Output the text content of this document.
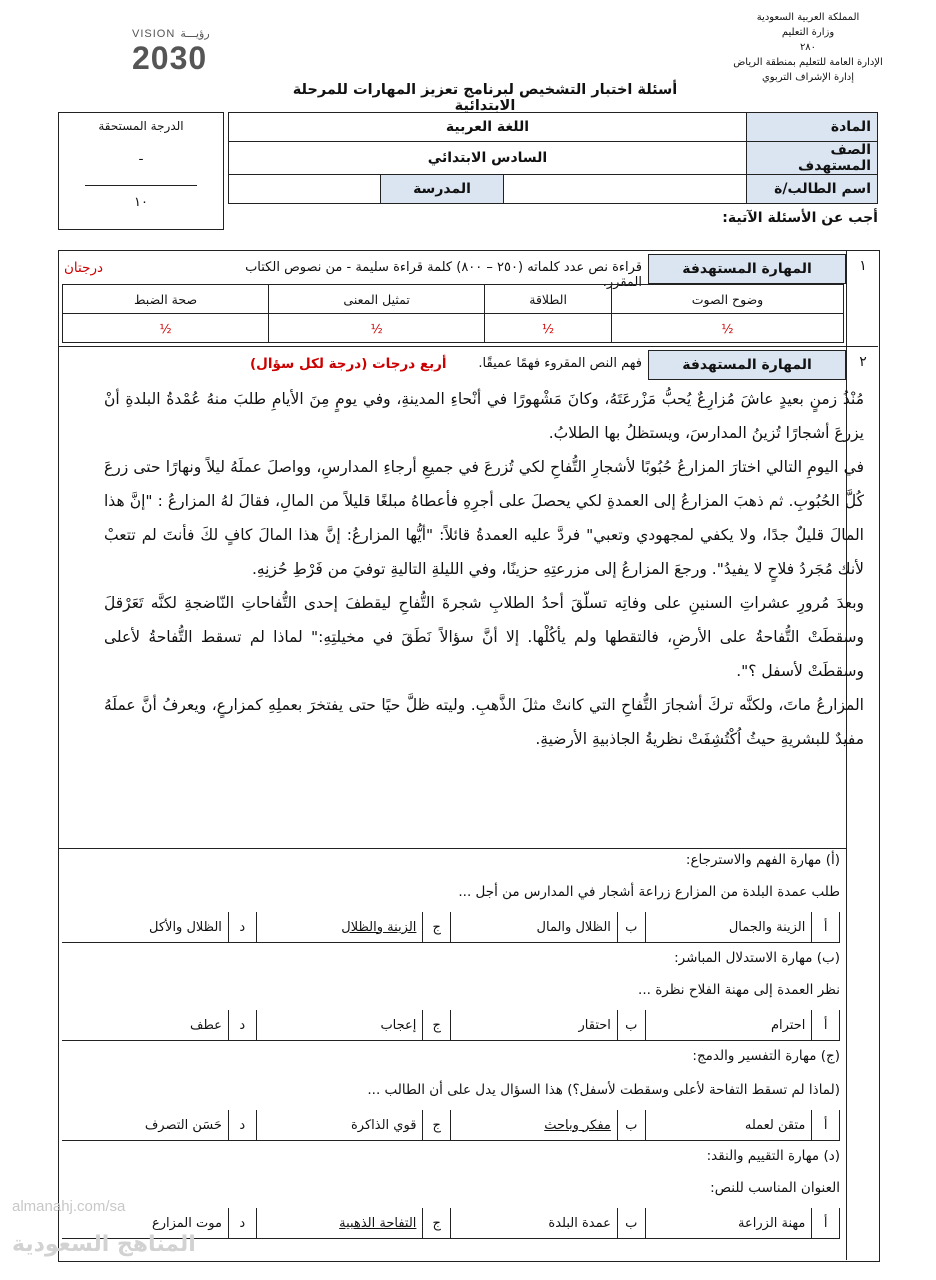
المملكة العربية السعودية
وزارة التعليم
٢٨٠
الإدارة العامة للتعليم بمنطقة الرياض
إدارة الإشراف التربوي
VISION رؤيـــة
2030
أسئلة اختبار التشخيص لبرنامج تعزيز المهارات للمرحلة الابتدائية
الدرجة المستحقة
ـ
١٠
المادة	اللغة العربية		
الصف المستهدف	السادس الابتدائي		
اسم الطالب/ة		المدرسة	
أجب عن الأسئلة الآتية:
١
المهارة المستهدفة
قراءة نص عدد كلماته (٢٥٠ – ٨٠٠) كلمة قراءة سليمة - من نصوص الكتاب المقرر.
درجتان
وضوح الصوت	الطلاقة	تمثيل المعنى	صحة الضبط
½	½	½	½
٢
المهارة المستهدفة
فهم النص المقروء فهمًا عميقًا.
أربع درجات (درجة لكل سؤال)

مُنْذُ زمنٍ بعيدٍ عاشَ مُزارِعٌ يُحبُّ مَزْرعَتَهُ، وكانَ مَشْهورًا في أنْحاءِ المدينةِ، وفي يومٍ مِنَ الأيامِ طلبَ منهُ عُمْدةُ البلدةِ أنْ يزرعَ أشجارًا تُزينُ المدارسَ، ويستظلُ بها الطلابُ.

في اليومِ التالي اختارَ المزارعُ حُبُوبًا لأشجارِ التُّفاحِ لكي تُزرعَ في جميعِ أرجاءِ المدارسِ، وواصلَ عملَهُ ليلاً ونهارًا حتى زرعَ كُلَّ الحُبُوبِ. ثم ذهبَ المزارعُ إلى العمدةِ لكي يحصلَ على أجرِهِ فأعطاهُ مبلغًا قليلاً من المالِ، فقالَ لهُ المزارعُ : "إنَّ هذا المالَ قليلٌ جدًا، ولا يكفي لمجهودي وتعبي" فردَّ عليه العمدةُ قائلاً: "أيُّها المزارعُ: إنَّ هذا المالَ كافٍ لكَ فأنتَ لم تتعبْ لأنك مُجَردُ فلاحٍ لا يفيدُ". ورجعَ المزارعُ إلى مزرعتِهِ حزينًا، وفي الليلةِ التاليةِ توفيَ من فَرْطِ حُزنِهِ.

وبعدَ مُرورِ عشراتِ السنينِ على وفاتِه تسلّقَ أحدُ الطلابِ شجرةَ التُّفاحِ ليقطفَ إحدى التُّفاحاتِ النّاضجةِ لكنَّه تَعَرْقلَ وسقطَتْ التُّفاحةُ على الأرضِ، فالتقطها ولم يأكُلْها. إلا أنَّ سؤالاً نَطَقَ في مخيلتِهِ:" لماذا لم تسقط التُّفاحةُ لأعلى وسقطَتْ لأسفل ؟".

المزارعُ ماتَ، ولكنَّه تركَ أشجارَ التُّفاحِ التي كانتْ مثلَ الذَّهبِ. وليته ظلَّ حيًا حتى يفتخرَ بعملِهِ كمزارعٍ، ويعرفُ أنَّ عملَهُ مفيدٌ للبشريةِ حيثُ اُكْتُشِفَتْ نظريةُ الجاذبيةِ الأرضيةِ.

(أ) مهارة الفهم والاسترجاع:
طلب عمدة البلدة من المزارع زراعة أشجار في المدارس من أجل ...
أ	الزينة والجمال	ب	الظلال والمال	ج	الزينة والظلال	د	الظلال والأكل
(ب) مهارة الاستدلال المباشر:
نظر العمدة إلى مهنة الفلاح نظرة ...
أ	احترام	ب	احتقار	ج	إعجاب	د	عطف
(ج) مهارة التفسير والدمج:
(لماذا لم تسقط التفاحة لأعلى وسقطت لأسفل؟) هذا السؤال يدل على أن الطالب ...
أ	متقن لعمله	ب	مفكر وباحث	ج	قوي الذاكرة	د	حَسَن التصرف
(د) مهارة التقييم والنقد:
العنوان المناسب للنص:
أ	مهنة الزراعة	ب	عمدة البلدة	ج	التفاحة الذهبية	د	موت المزارع
almanahj.com/sa
المناهج السعودية
